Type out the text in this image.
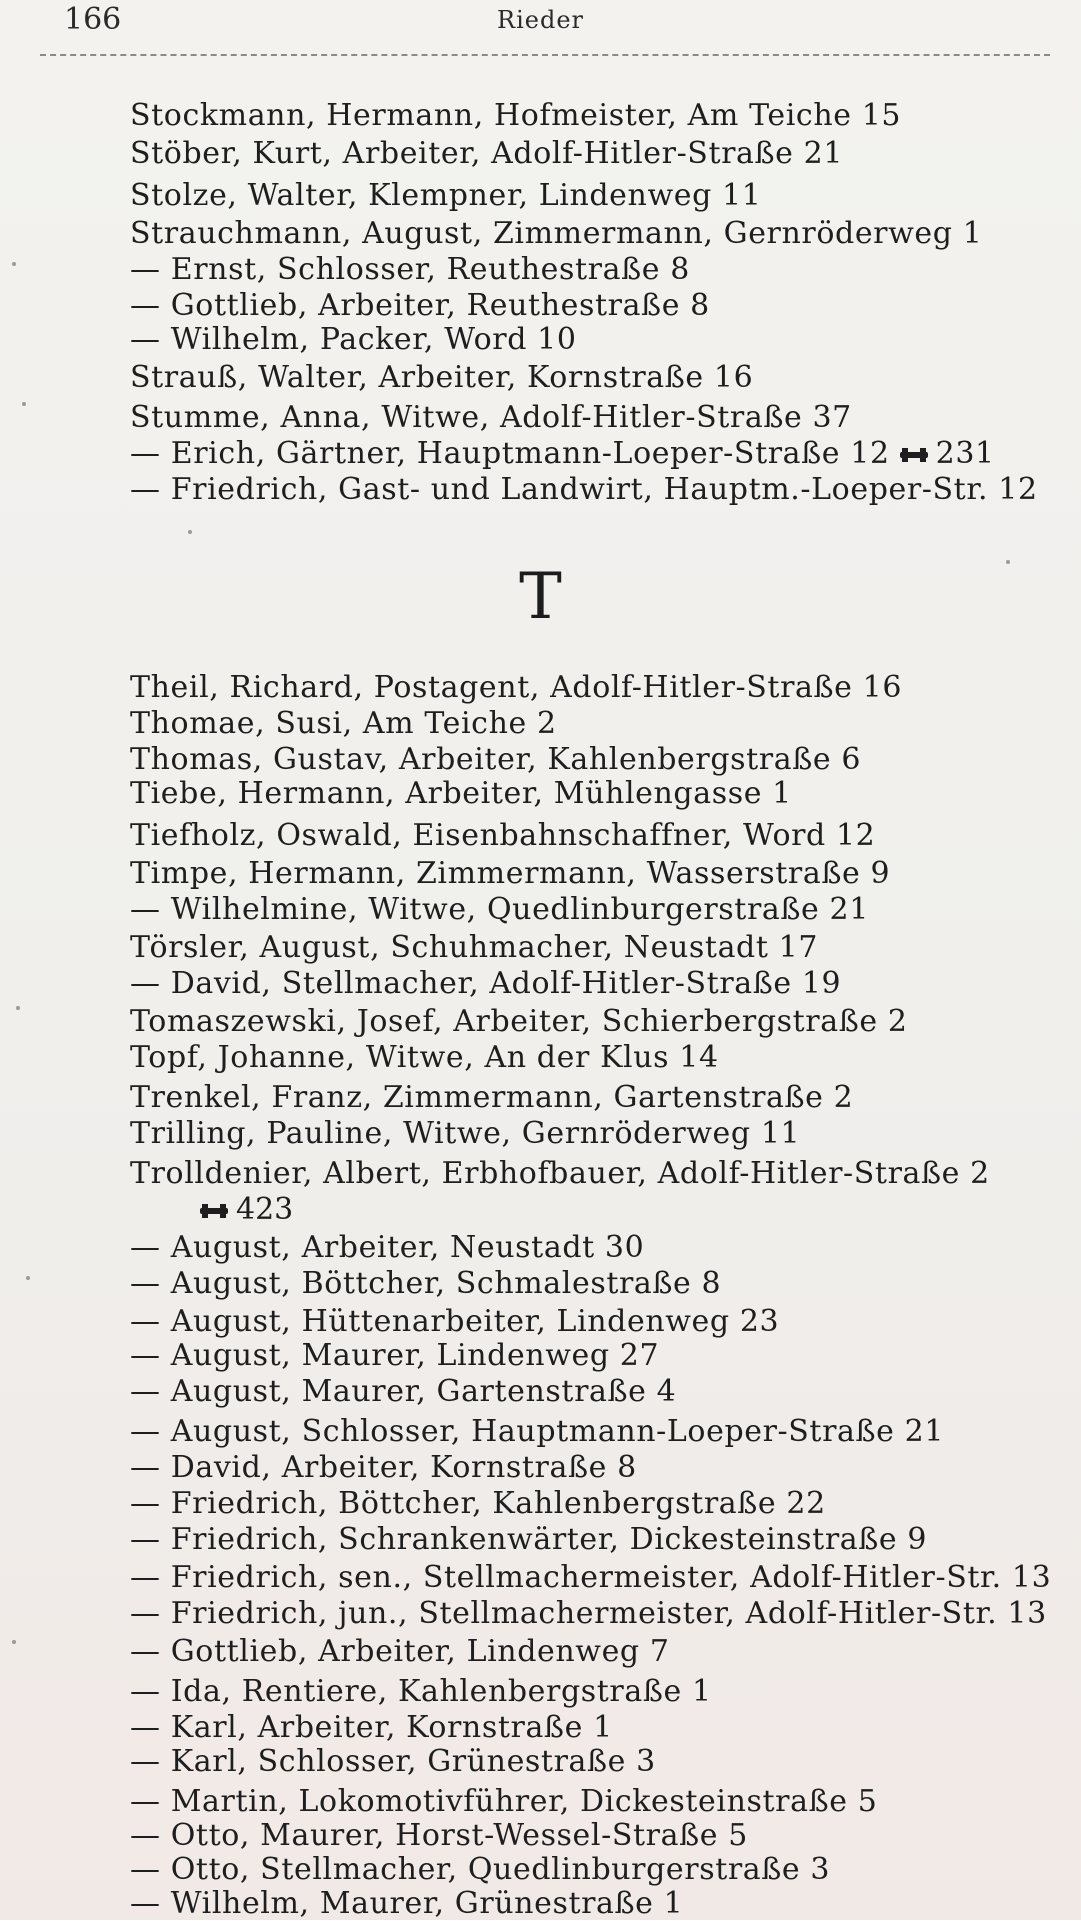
166	Rieder
Stockmann, Hermann, Hofmeister, Am Teiche 15
Stöber, Kurt, Arbeiter, Adolf-Hitler-Straße 21
Stolze, Walter, Klempner, Lindenweg 11
Strauchmann, August, Zimmermann, Gernröderweg 1
— Ernst, Schlosser, Reuthestraße 8
— Gottlieb, Arbeiter, Reuthestraße 8
— Wilhelm, Packer, Word 10
Strauß, Walter, Arbeiter, Kornstraße 16
Stumme, Anna, Witwe, Adolf-Hitler-Straße 37
— Erich, Gärtner, Hauptmann-Loeper-Straße 12 231
— Friedrich, Gast- und Landwirt, Hauptm.-Loeper-Str. 12
T
Theil, Richard, Postagent, Adolf-Hitler-Straße 16
Thomae, Susi, Am Teiche 2
Thomas, Gustav, Arbeiter, Kahlenbergstraße 6
Tiebe, Hermann, Arbeiter, Mühlengasse 1
Tiefholz, Oswald, Eisenbahnschaffner, Word 12
Timpe, Hermann, Zimmermann, Wasserstraße 9
— Wilhelmine, Witwe, Quedlinburgerstraße 21
Törsler, August, Schuhmacher, Neustadt 17
— David, Stellmacher, Adolf-Hitler-Straße 19
Tomaszewski, Josef, Arbeiter, Schierbergstraße 2
Topf, Johanne, Witwe, An der Klus 14
Trenkel, Franz, Zimmermann, Gartenstraße 2
Trilling, Pauline, Witwe, Gernröderweg 11
Trolldenier, Albert, Erbhofbauer, Adolf-Hitler-Straße 2
423
— August, Arbeiter, Neustadt 30
— August, Böttcher, Schmalestraße 8
— August, Hüttenarbeiter, Lindenweg 23
— August, Maurer, Lindenweg 27
— August, Maurer, Gartenstraße 4
— August, Schlosser, Hauptmann-Loeper-Straße 21
— David, Arbeiter, Kornstraße 8
— Friedrich, Böttcher, Kahlenbergstraße 22
— Friedrich, Schrankenwärter, Dickesteinstraße 9
— Friedrich, sen., Stellmachermeister, Adolf-Hitler-Str. 13
— Friedrich, jun., Stellmachermeister, Adolf-Hitler-Str. 13
— Gottlieb, Arbeiter, Lindenweg 7
— Ida, Rentiere, Kahlenbergstraße 1
— Karl, Arbeiter, Kornstraße 1
— Karl, Schlosser, Grünestraße 3
— Martin, Lokomotivführer, Dickesteinstraße 5
— Otto, Maurer, Horst-Wessel-Straße 5
— Otto, Stellmacher, Quedlinburgerstraße 3
— Wilhelm, Maurer, Grünestraße 1
